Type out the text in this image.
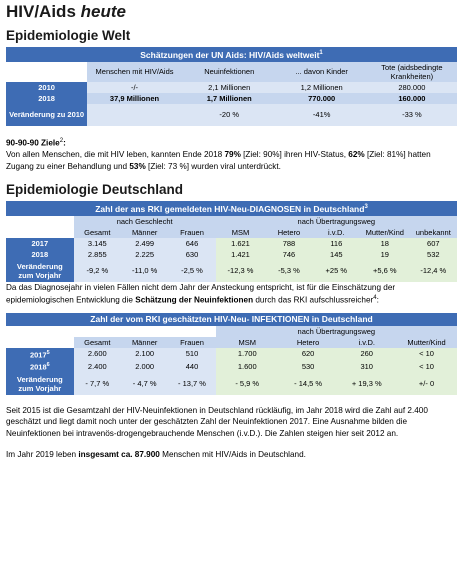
HIV/Aids heute
Epidemiologie Welt
Schätzungen der UN Aids: HIV/Aids weltweit$^1$
	Menschen mit HIV/Aids	Neuinfektionen	... davon Kinder	Tote (aidsbedingte Krankheiten)
2010	-/-	2,1 Millionen	1,2 Millionen	280.000
2018	37,9 Millionen	1,7 Millionen	770.000	160.000
Veränderung zu 2010		-20 %	-41%	-33 %

90-90-90 Ziele$^2$:

Von allen Menschen, die mit HIV leben, kannten Ende 2018 79% [Ziel: 90%] ihren HIV-Status, 62% [Ziel: 81%] hatten Zugang zu einer Behandlung und 53% [Ziel: 73 %] wurden viral unterdrückt.

Epidemiologie Deutschland
Zahl der ans RKI gemeldeten HIV-Neu-DIAGNOSEN in Deutschland$^3$
	nach Geschlecht			nach Übertragungsweg				
	Gesamt	Männer	Frauen	MSM	Hetero	i.v.D.	Mutter/Kind	unbekannt
2017	3.145	2.499	646	1.621	788	116	18	607
2018	2.855	2.225	630	1.421	746	145	19	532
Veränderung zum Vorjahr	-9,2 %	-11,0 %	-2,5 %	-12,3 %	-5,3 %	+25 %	+5,6 %	-12,4 %

Da das Diagnosejahr in vielen Fällen nicht dem Jahr der Ansteckung entspricht, ist für die Einschätzung der epidemiologischen Entwicklung die Schätzung der Neuinfektionen durch das RKI aufschlussreicher$^4$:

Zahl der vom RKI geschätzten HIV-Neu- INFEKTIONEN in Deutschland							
				nach Übertragungsweg			
	Gesamt	Männer	Frauen	MSM	Hetero	i.v.D.	Mutter/Kind
2017$^5$	2.600	2.100	510	1.700	620	260	< 10
2018$^6$	2.400	2.000	440	1.600	530	310	< 10
Veränderung zum Vorjahr	- 7,7 %	- 4,7 %	- 13,7 %	- 5,9 %	- 14,5 %	+ 19,3 %	+/- 0

Seit 2015 ist die Gesamtzahl der HIV-Neuinfektionen in Deutschland rückläufig, im Jahr 2018 wird die Zahl auf 2.400 geschätzt und liegt damit noch unter der geschätzten Zahl der Neuinfektionen 2017. Eine Ausnahme bilden die Neuinfektionen bei intravenös-drogengebrauchende Menschen (i.v.D.). Die Zahlen steigen hier seit 2012 an.

Im Jahr 2019 leben insgesamt ca. 87.900 Menschen mit HIV/Aids in Deutschland.
